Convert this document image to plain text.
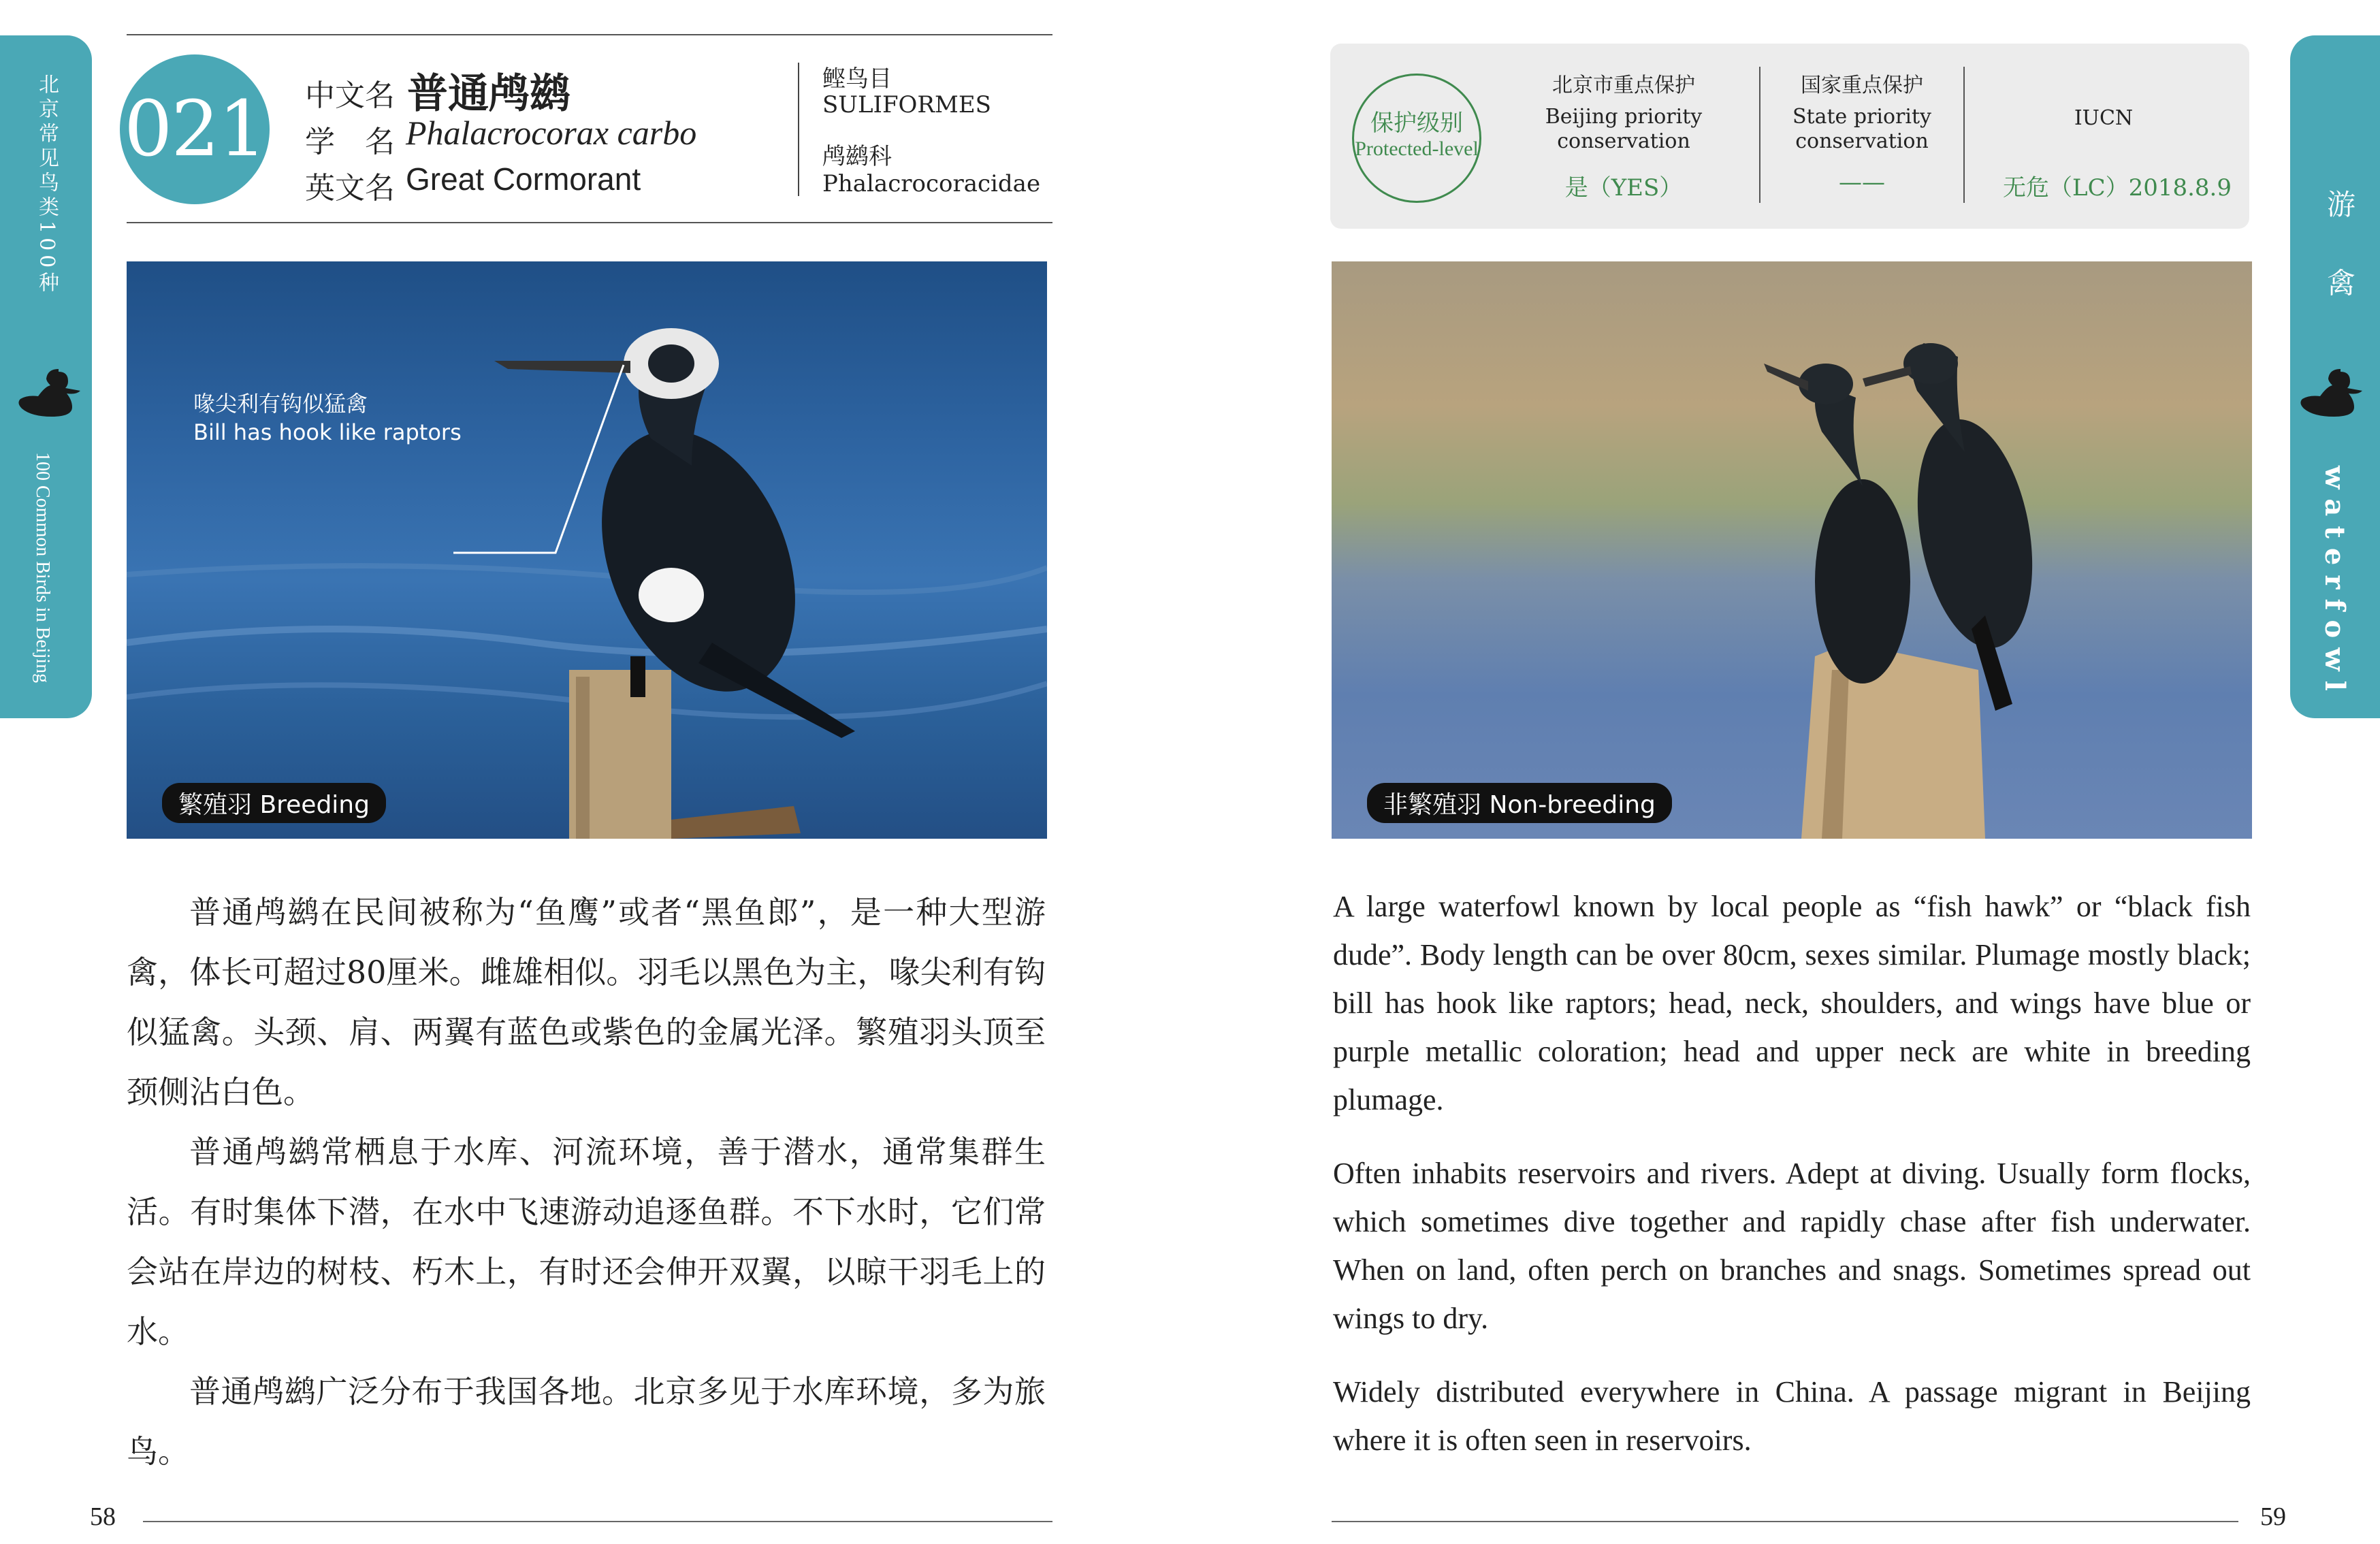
北京常见鸟类100种
100 Common Birds in Beijing
游 禽
waterfowl
021 中文名 普通鸬鹚
学　名 Phalacrocorax carbo
英文名 Great Cormorant
鲣鸟目
SULIFORMES
鸬鹚科
Phalacrocoracidae
保护级别
Protected-level
北京市重点保护
Beijing priority conservation
是（YES）
国家重点保护
State priority conservation
——
IUCN
无危（LC）2018.8.9
喙尖利有钩似猛禽
Bill has hook like raptors
繁殖羽 Breeding	非繁殖羽 Non-breeding

普通鸬鹚在民间被称为“鱼鹰”或者“黑鱼郎”，是一种大型游禽，体长可超过80厘米。雌雄相似。羽毛以黑色为主，喙尖利有钩似猛禽。头颈、肩、两翼有蓝色或紫色的金属光泽。繁殖羽头顶至颈侧沾白色。

普通鸬鹚常栖息于水库、河流环境，善于潜水，通常集群生活。有时集体下潜，在水中飞速游动追逐鱼群。不下水时，它们常会站在岸边的树枝、朽木上，有时还会伸开双翼，以晾干羽毛上的水。

普通鸬鹚广泛分布于我国各地。北京多见于水库环境，多为旅鸟。

A large waterfowl known by local people as “fish hawk” or “black fish dude”. Body length can be over 80cm, sexes similar. Plumage mostly black; bill has hook like raptors; head, neck, shoulders, and wings have blue or purple metallic coloration; head and upper neck are white in breeding plumage.

Often inhabits reservoirs and rivers. Adept at diving. Usually form flocks, which sometimes dive together and rapidly chase after fish underwater. When on land, often perch on branches and snags. Sometimes spread out wings to dry.

Widely distributed everywhere in China. A passage migrant in Beijing where it is often seen in reservoirs.

58	59
